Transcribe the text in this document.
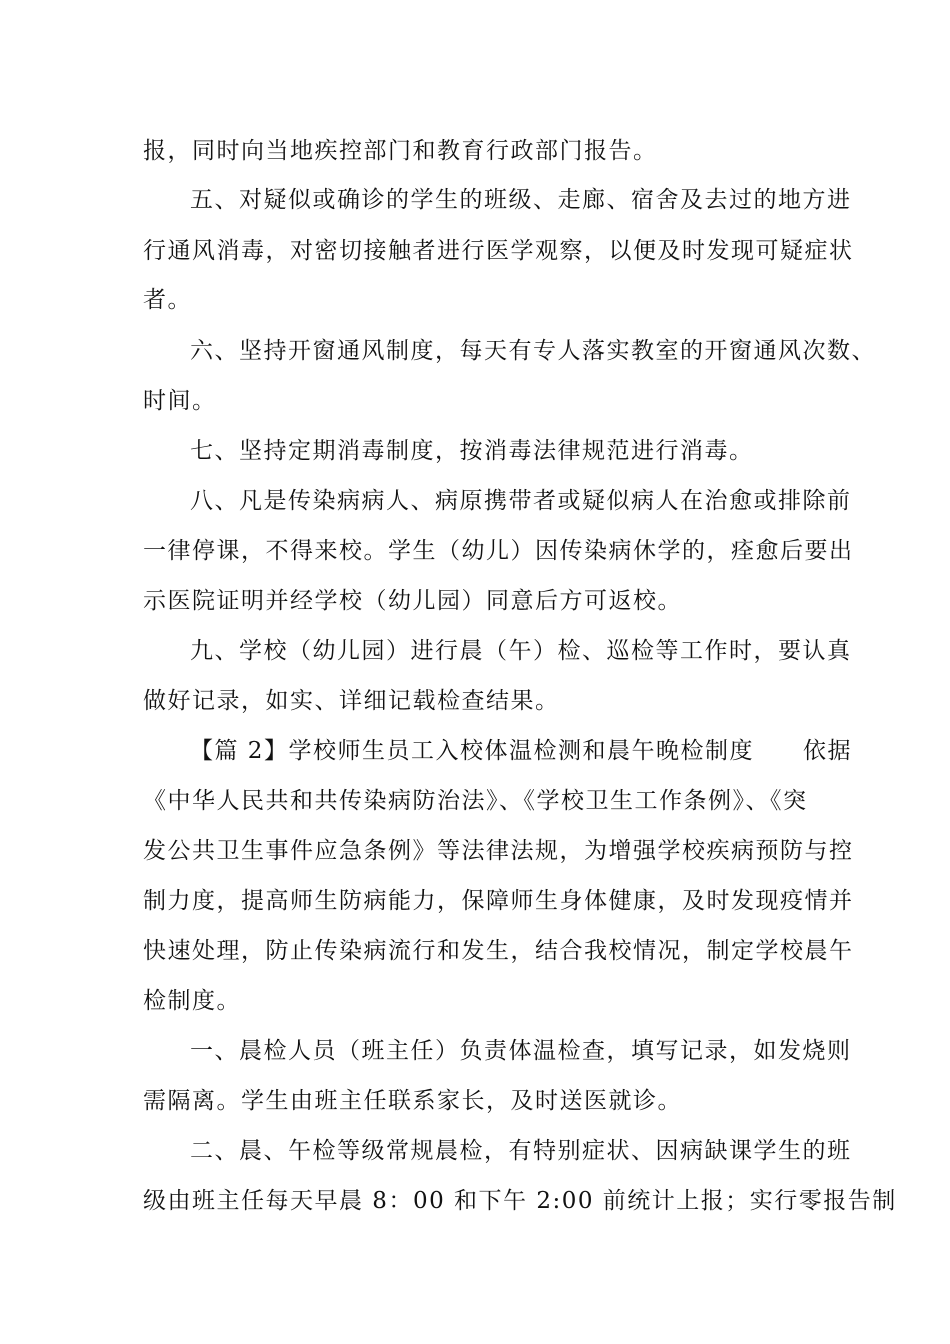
报，同时向当地疾控部门和教育行政部门报告。
五、对疑似或确诊的学生的班级、走廊、宿舍及去过的地方进
行通风消毒，对密切接触者进行医学观察，以便及时发现可疑症状
者。
六、坚持开窗通风制度，每天有专人落实教室的开窗通风次数、
时间。
七、坚持定期消毒制度，按消毒法律规范进行消毒。
八、凡是传染病病人、病原携带者或疑似病人在治愈或排除前
一律停课，不得来校。学生（幼儿）因传染病休学的，痊愈后要出
示医院证明并经学校（幼儿园）同意后方可返校。
九、学校（幼儿园）进行晨（午）检、巡检等工作时，要认真
做好记录，如实、详细记载检查结果。
【篇 2】学校师生员工入校体温检测和晨午晚检制度　　依据
《中华人民共和共传染病防治法》、《学校卫生工作条例》、《突
发公共卫生事件应急条例》等法律法规，为增强学校疾病预防与控
制力度，提高师生防病能力，保障师生身体健康，及时发现疫情并
快速处理，防止传染病流行和发生，结合我校情况，制定学校晨午
检制度。
一、晨检人员（班主任）负责体温检查，填写记录，如发烧则
需隔离。学生由班主任联系家长，及时送医就诊。
二、晨、午检等级常规晨检，有特别症状、因病缺课学生的班
级由班主任每天早晨 8：00 和下午 2:00 前统计上报；实行零报告制
